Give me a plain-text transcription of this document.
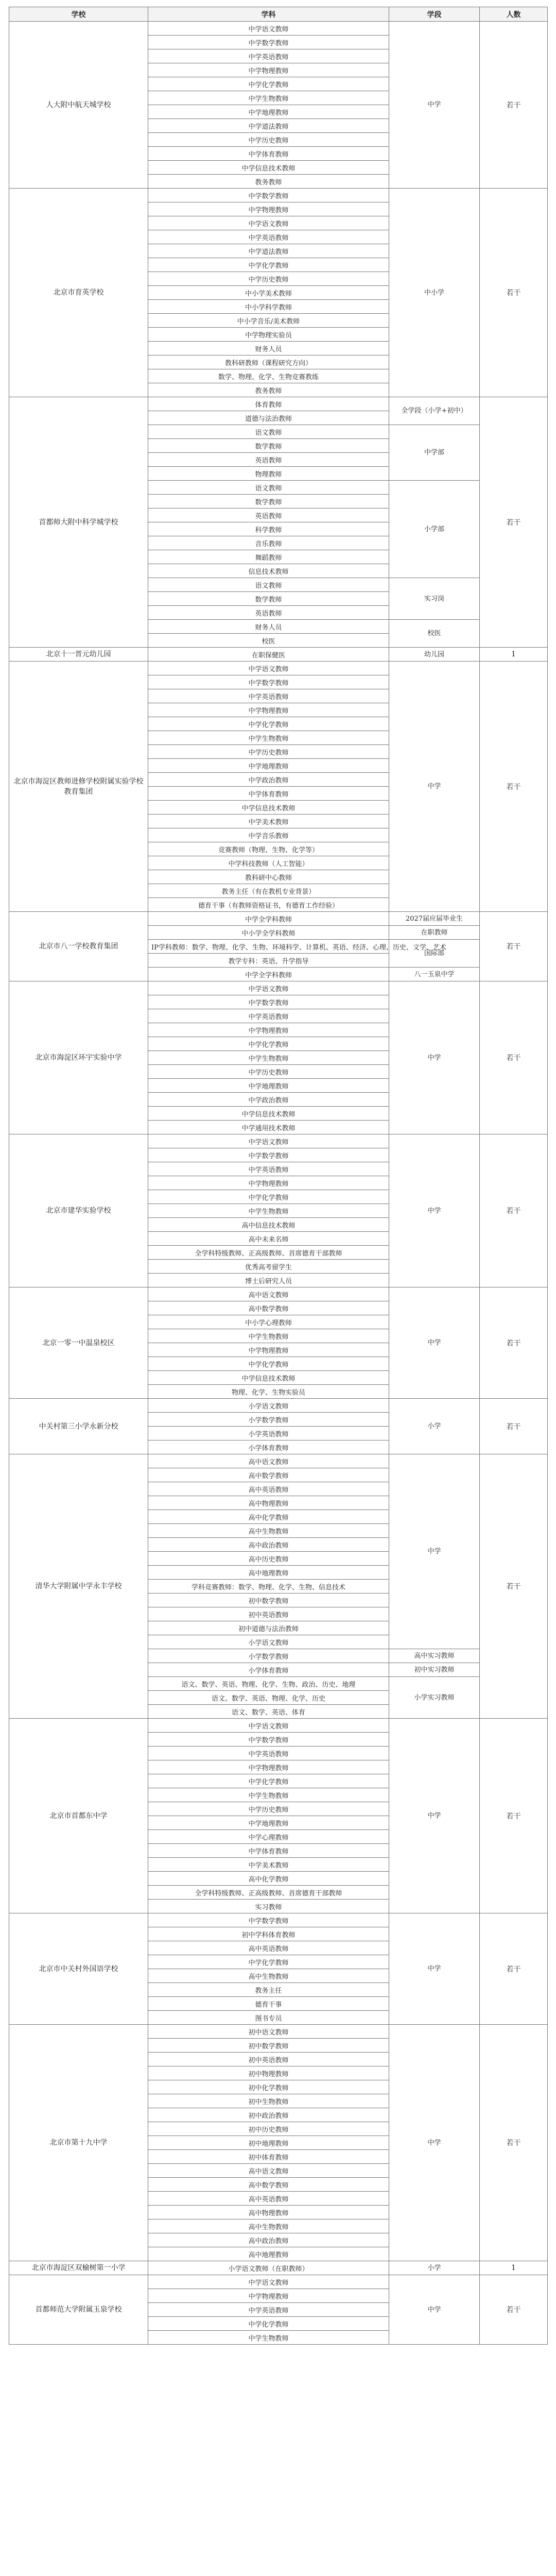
学校	学科	学段	人数
人大附中航天城学校	中学语文教师	中学	若干
	中学数学教师		
	中学英语教师		
	中学物理教师		
	中学化学教师		
	中学生物教师		
	中学地理教师		
	中学道法教师		
	中学历史教师		
	中学体育教师		
	中学信息技术教师		
	教务教师		
北京市育英学校	中学数学教师	中小学	若干
	中学物理教师		
	中学语文教师		
	中学英语教师		
	中学道法教师		
	中学化学教师		
	中学历史教师		
	中小学美术教师		
	中小学科学教师		
	中小学音乐/美术教师		
	中学物理实验员		
	财务人员		
	教科研教师（课程研究方向）		
	数学、物理、化学、生物竞赛教练		
	教务教师		
首都师大附中科学城学校	体育教师	全学段（小学+初中）	若干
	道德与法治教师		
	语文教师	中学部	
	数学教师		
	英语教师		
	物理教师		
	语文教师	小学部	
	数学教师		
	英语教师		
	科学教师		
	音乐教师		
	舞蹈教师		
	信息技术教师		
	语文教师	实习岗	
	数学教师		
	英语教师		
	财务人员	校医	
	校医		
北京十一晋元幼儿园	在职保健医	幼儿园	1
北京市海淀区教师进修学校附属实验学校教育集团	中学语文教师	中学	若干
	中学数学教师		
	中学英语教师		
	中学物理教师		
	中学化学教师		
	中学生物教师		
	中学历史教师		
	中学地理教师		
	中学政治教师		
	中学体育教师		
	中学信息技术教师		
	中学美术教师		
	中学音乐教师		
	竞赛教师（物理、生物、化学等）		
	中学科技教师（人工智能）		
	教科研中心教师		
	教务主任（有在教机专业背景）		
	德育干事（有教师资格证书，有德育工作经验）		
北京市八一学校教育集团	中学全学科教师	2027届应届毕业生	若干
	中小学全学科教师	在职教师	
	IP学科教师：数学、物理、化学、生物、环境科学、计算机、英语、经济、心理、历史、文学、艺术	国际部	
	教学专科：英语、升学指导		
	中学全学科教师	八一玉泉中学	
北京市海淀区环宇实验中学	中学语文教师	中学	若干
	中学数学教师		
	中学英语教师		
	中学物理教师		
	中学化学教师		
	中学生物教师		
	中学历史教师		
	中学地理教师		
	中学政治教师		
	中学信息技术教师		
	中学通用技术教师		
北京市建华实验学校	中学语文教师	中学	若干
	中学数学教师		
	中学英语教师		
	中学物理教师		
	中学化学教师		
	中学生物教师		
	高中信息技术教师		
	高中未来名师		
	全学科特级教师、正高级教师、首席德育干部教师		
	优秀高考留学生		
	博士后研究人员		
北京一零一中温泉校区	高中语文教师	中学	若干
	高中数学教师		
	中小学心理教师		
	中学生物教师		
	中学物理教师		
	中学化学教师		
	中学信息技术教师		
	物理、化学、生物实验员		
中关村第三小学永新分校	小学语文教师	小学	若干
	小学数学教师		
	小学英语教师		
	小学体育教师		
清华大学附属中学永丰学校	高中语文教师	中学	若干
	高中数学教师		
	高中英语教师		
	高中物理教师		
	高中化学教师		
	高中生物教师		
	高中政治教师		
	高中历史教师		
	高中地理教师		
	学科竞赛教师：数学、物理、化学、生物、信息技术		
	初中数学教师		
	初中英语教师		
	初中道德与法治教师		
	小学语文教师		
	小学数学教师	高中实习教师	
	小学体育教师	初中实习教师	
	语文、数学、英语、物理、化学、生物、政治、历史、地理	小学实习教师	
	语文、数学、英语、物理、化学、历史		
	语文、数学、英语、体育		
北京市首都东中学	中学语文教师	中学	若干
	中学数学教师		
	中学英语教师		
	中学物理教师		
	中学化学教师		
	中学生物教师		
	中学历史教师		
	中学地理教师		
	中学心理教师		
	中学体育教师		
	中学美术教师		
	高中化学教师		
	全学科特级教师、正高级教师、首席德育干部教师		
	实习教师		
北京市中关村外国语学校	中学数学教师	中学	若干
	初中学科体育教师		
	高中英语教师		
	中学化学教师		
	高中生物教师		
	教务主任		
	德育干事		
	图书专员		
北京市第十九中学	初中语文教师	中学	若干
	初中数学教师		
	初中英语教师		
	初中物理教师		
	初中化学教师		
	初中生物教师		
	初中政治教师		
	初中历史教师		
	初中地理教师		
	初中体育教师		
	高中语文教师		
	高中数学教师		
	高中英语教师		
	高中物理教师		
	高中生物教师		
	高中政治教师		
	高中地理教师		
北京市海淀区双榆树第一小学	小学语文教师（在职教师）	小学	1
首都师范大学附属玉泉学校	中学语文教师	中学	若干
	中学物理教师		
	中学英语教师		
	中学化学教师		
	中学生物教师		
